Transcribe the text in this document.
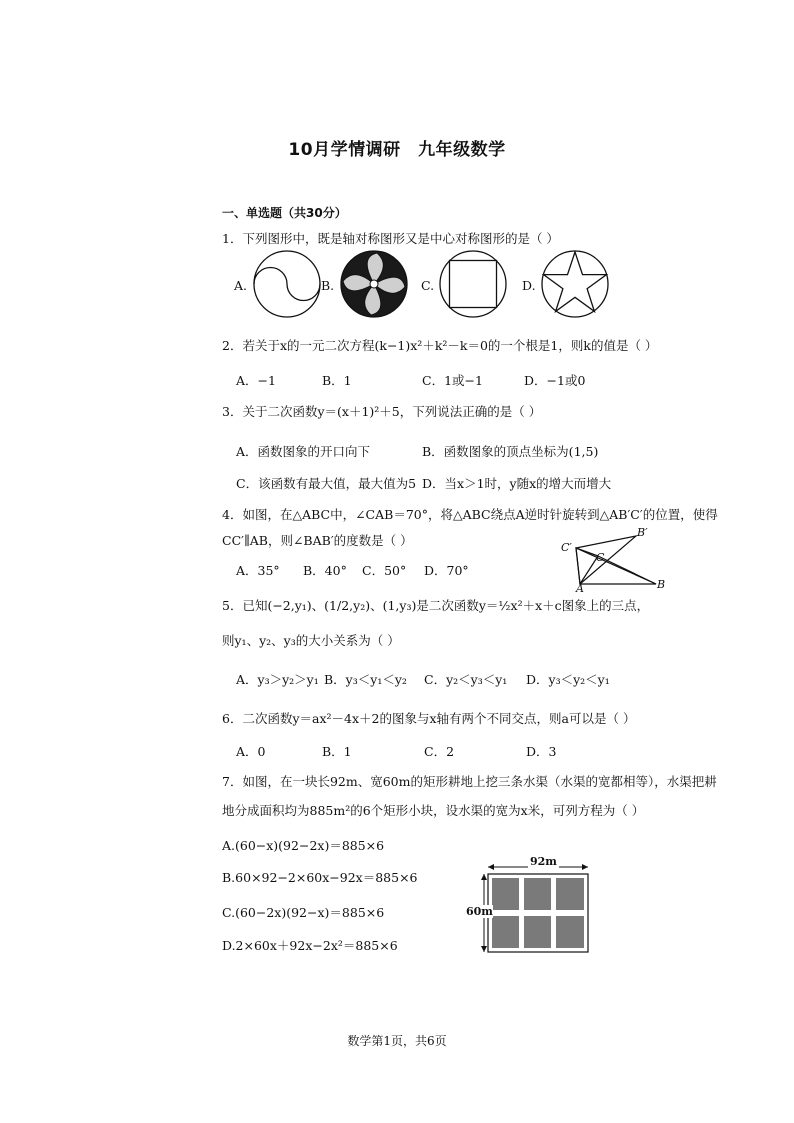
10月学情调研　九年级数学
一、单选题（共30分）
1．下列图形中，既是轴对称图形又是中心对称图形的是（ ）
A.	B.	C.	D.
2．若关于x的一元二次方程(k−1)x²＋k²－k＝0的一个根是1，则k的值是（ ）
A．−1	B．1	C．1或−1	D．−1或0
3．关于二次函数y＝(x＋1)²＋5，下列说法正确的是（ ）
A．函数图象的开口向下	B．函数图象的顶点坐标为(1,5)
C．该函数有最大值，最大值为5 D．当x＞1时，y随x的增大而增大
4．如图，在△ABC中，∠CAB＝70°，将△ABC绕点A逆时针旋转到△AB′C′的位置，使得
CC′∥AB，则∠BAB′的度数是（ ）
A．35° B．40° C．50° D．70°
B′
C′
C
A	B
5．已知(−2,y₁)、(1/2,y₂)、(1,y₃)是二次函数y＝½x²＋x＋c图象上的三点，
则y₁、y₂、y₃的大小关系为（ ）
A．y₃＞y₂＞y₁ B．y₃＜y₁＜y₂ C．y₂＜y₃＜y₁ D．y₃＜y₂＜y₁
6．二次函数y＝ax²－4x＋2的图象与x轴有两个不同交点，则a可以是（ ）
A．0	B．1	C．2	D．3
7．如图，在一块长92m、宽60m的矩形耕地上挖三条水渠（水渠的宽都相等），水渠把耕
地分成面积均为885m²的6个矩形小块，设水渠的宽为x米，可列方程为（ ）
A.(60−x)(92−2x)＝885×6
B.60×92−2×60x−92x＝885×6
C.(60−2x)(92−x)＝885×6
D.2×60x＋92x−2x²＝885×6
92m
60m
数学第1页，共6页
